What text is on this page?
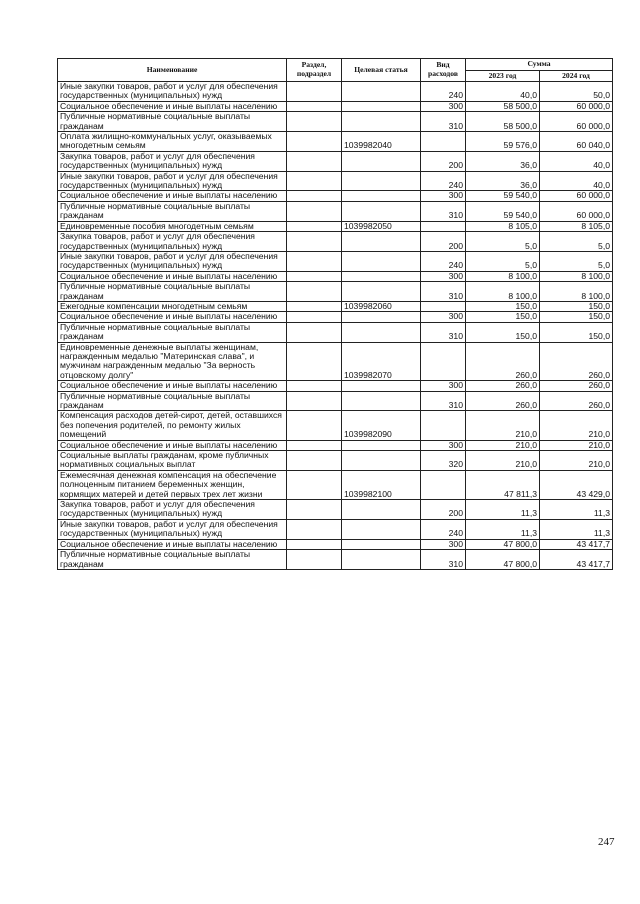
Наименование	Раздел, подраздел	Целевая статья	Вид расходов	Сумма	
				2023 год	2024 год
Иные закупки товаров, работ и услуг для обеспечения государственных (муниципальных) нужд			240	40,0	50,0
Социальное обеспечение и иные выплаты населению			300	58 500,0	60 000,0
Публичные нормативные социальные выплаты гражданам			310	58 500,0	60 000,0
Оплата жилищно-коммунальных услуг, оказываемых многодетным семьям		1039982040		59 576,0	60 040,0
Закупка товаров, работ и услуг для обеспечения государственных (муниципальных) нужд			200	36,0	40,0
Иные закупки товаров, работ и услуг для обеспечения государственных (муниципальных) нужд			240	36,0	40,0
Социальное обеспечение и иные выплаты населению			300	59 540,0	60 000,0
Публичные нормативные социальные выплаты гражданам			310	59 540,0	60 000,0
Единовременные пособия многодетным семьям		1039982050		8 105,0	8 105,0
Закупка товаров, работ и услуг для обеспечения государственных (муниципальных) нужд			200	5,0	5,0
Иные закупки товаров, работ и услуг для обеспечения государственных (муниципальных) нужд			240	5,0	5,0
Социальное обеспечение и иные выплаты населению			300	8 100,0	8 100,0
Публичные нормативные социальные выплаты гражданам			310	8 100,0	8 100,0
Ежегодные компенсации многодетным семьям		1039982060		150,0	150,0
Социальное обеспечение и иные выплаты населению			300	150,0	150,0
Публичные нормативные социальные выплаты гражданам			310	150,0	150,0
Единовременные денежные выплаты женщинам, награжденным медалью "Материнская слава", и мужчинам награжденным медалью "За верность отцовскому долгу"		1039982070		260,0	260,0
Социальное обеспечение и иные выплаты населению			300	260,0	260,0
Публичные нормативные социальные выплаты гражданам			310	260,0	260,0
Компенсация расходов детей-сирот, детей, оставшихся без попечения родителей, по ремонту жилых помещений		1039982090		210,0	210,0
Социальное обеспечение и иные выплаты населению			300	210,0	210,0
Социальные выплаты гражданам, кроме публичных нормативных социальных выплат			320	210,0	210,0
Ежемесячная денежная компенсация на обеспечение полноценным питанием беременных женщин, кормящих матерей и детей первых трех лет жизни		1039982100		47 811,3	43 429,0
Закупка товаров, работ и услуг для обеспечения государственных (муниципальных) нужд			200	11,3	11,3
Иные закупки товаров, работ и услуг для обеспечения государственных (муниципальных) нужд			240	11,3	11,3
Социальное обеспечение и иные выплаты населению			300	47 800,0	43 417,7
Публичные нормативные социальные выплаты гражданам			310	47 800,0	43 417,7
247
